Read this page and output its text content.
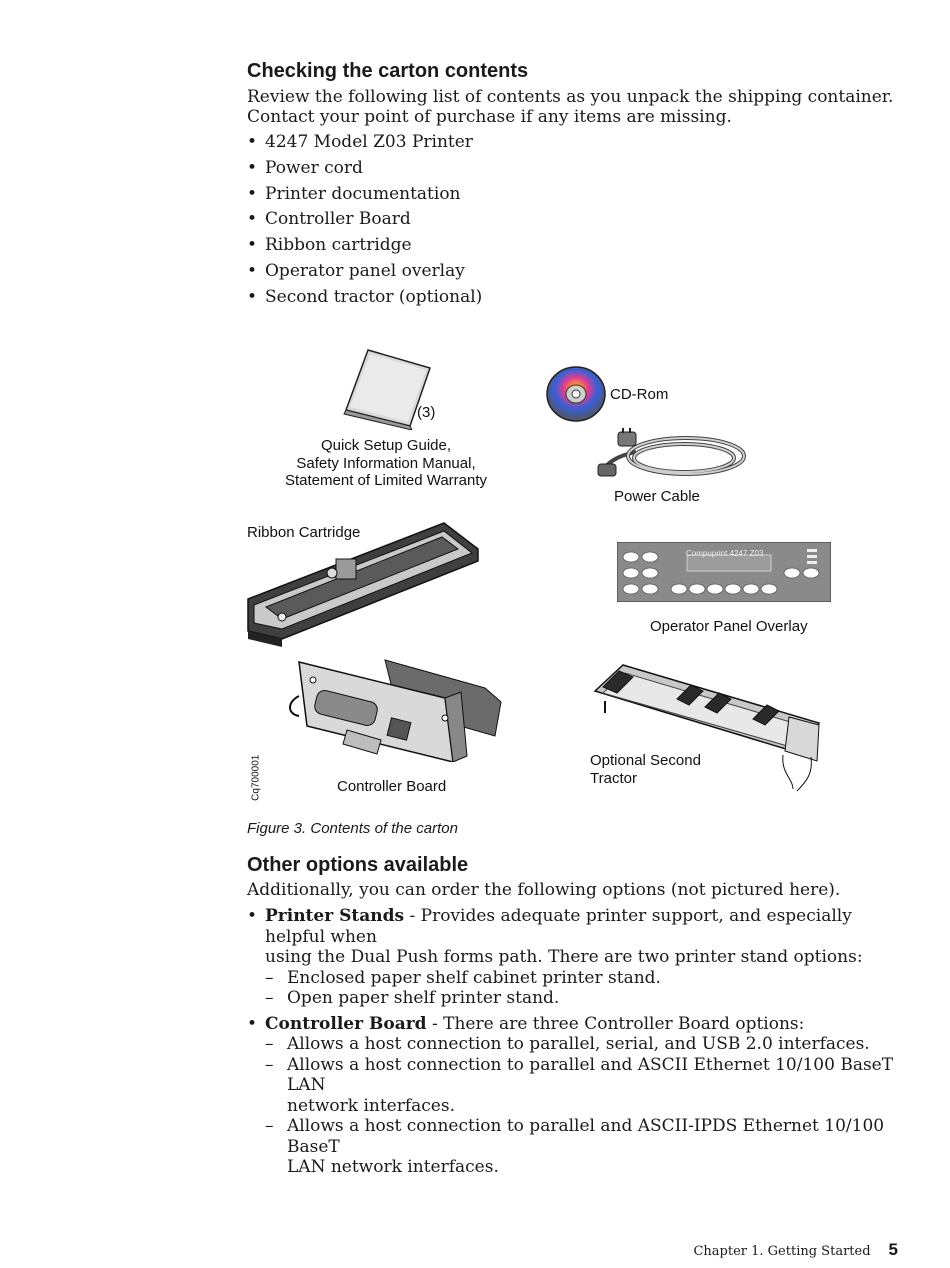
Checking the carton contents
Review the following list of contents as you unpack the shipping container.
Contact your point of purchase if any items are missing.
• 4247 Model Z03 Printer
• Power cord
• Printer documentation
• Controller Board
• Ribbon cartridge
• Operator panel overlay
• Second tractor (optional)
(3)
Quick Setup Guide,
Safety Information Manual,
Statement of Limited Warranty
CD-Rom
Power Cable
Ribbon Cartridge
Compuprint 4247 Z03
Operator Panel Overlay
Controller Board
Cq700001	Optional Second
Tractor
Figure 3. Contents of the carton
Other options available
Additionally, you can order the following options (not pictured here).
• Printer Stands - Provides adequate printer support, and especially helpful when
using the Dual Push forms path. There are two printer stand options:
– Enclosed paper shelf cabinet printer stand.
– Open paper shelf printer stand.
• Controller Board - There are three Controller Board options:
– Allows a host connection to parallel, serial, and USB 2.0 interfaces.
– Allows a host connection to parallel and ASCII Ethernet 10/100 BaseT LAN
network interfaces.
– Allows a host connection to parallel and ASCII-IPDS Ethernet 10/100 BaseT
LAN network interfaces.
Chapter 1. Getting Started 5
